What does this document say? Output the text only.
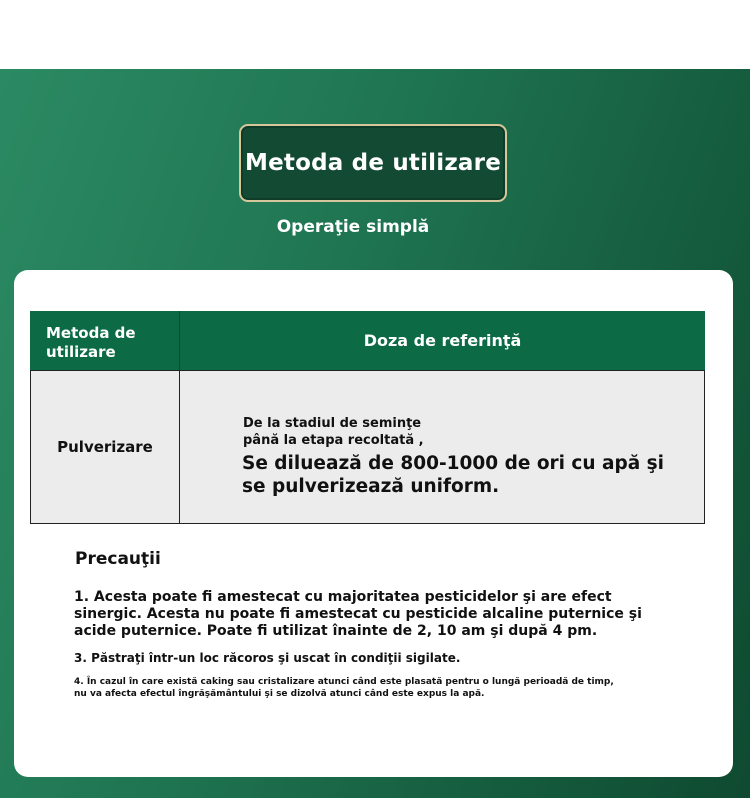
Metoda de utilizare
Operaţie simplă
Metoda de utilizare
Doza de referinţă
Pulverizare
De la stadiul de seminţe
până la etapa recoltată ,
Se diluează de 800-1000 de ori cu apă şi se pulverizează uniform.
Precauţii
1. Acesta poate fi amestecat cu majoritatea pesticidelor şi are efect sinergic. Acesta nu poate fi amestecat cu pesticide alcaline puternice şi acide puternice. Poate fi utilizat înainte de 2, 10 am şi după 4 pm.
3. Păstraţi într-un loc răcoros şi uscat în condiţii sigilate.
4. În cazul în care există caking sau cristalizare atunci când este plasată pentru o lungă perioadă de timp,
nu va afecta efectul îngrăşământului şi se dizolvă atunci când este expus la apă.
